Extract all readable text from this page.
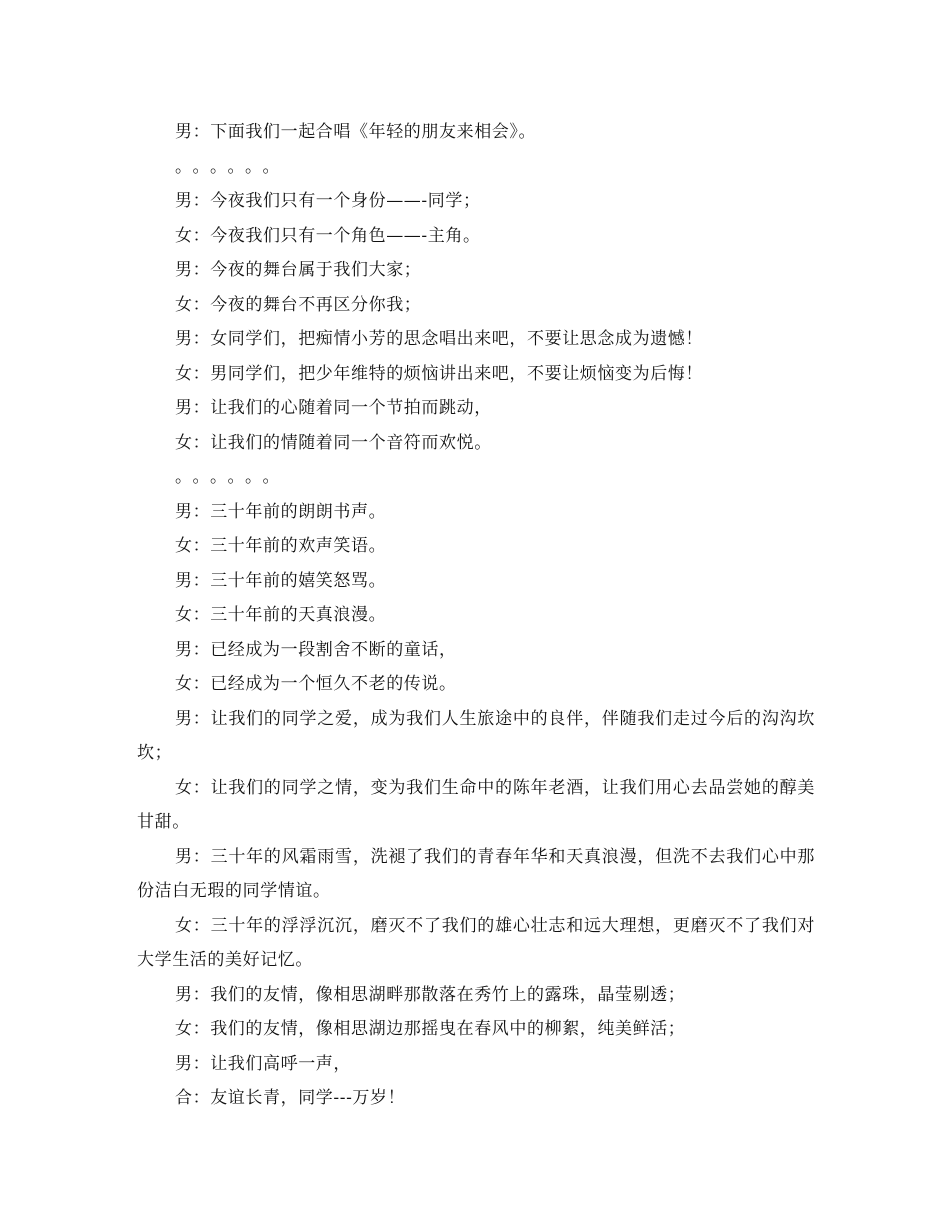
男：下面我们一起合唱《年轻的朋友来相会》。
。。。。。。
男：今夜我们只有一个身份——-同学；
女：今夜我们只有一个角色——-主角。
男：今夜的舞台属于我们大家；
女：今夜的舞台不再区分你我；
男：女同学们，把痴情小芳的思念唱出来吧，不要让思念成为遗憾！
女：男同学们，把少年维特的烦恼讲出来吧，不要让烦恼变为后悔！
男：让我们的心随着同一个节拍而跳动，
女：让我们的情随着同一个音符而欢悦。
。。。。。。
男：三十年前的朗朗书声。
女：三十年前的欢声笑语。
男：三十年前的嬉笑怒骂。
女：三十年前的天真浪漫。
男：已经成为一段割舍不断的童话，
女：已经成为一个恒久不老的传说。
男：让我们的同学之爱，成为我们人生旅途中的良伴，伴随我们走过今后的沟沟坎坎；
女：让我们的同学之情，变为我们生命中的陈年老酒，让我们用心去品尝她的醇美甘甜。
男：三十年的风霜雨雪，洗褪了我们的青春年华和天真浪漫，但洗不去我们心中那份洁白无瑕的同学情谊。
女：三十年的浮浮沉沉，磨灭不了我们的雄心壮志和远大理想，更磨灭不了我们对大学生活的美好记忆。
男：我们的友情，像相思湖畔那散落在秀竹上的露珠，晶莹剔透；
女：我们的友情，像相思湖边那摇曳在春风中的柳絮，纯美鲜活；
男：让我们高呼一声，
合：友谊长青，同学---万岁！
